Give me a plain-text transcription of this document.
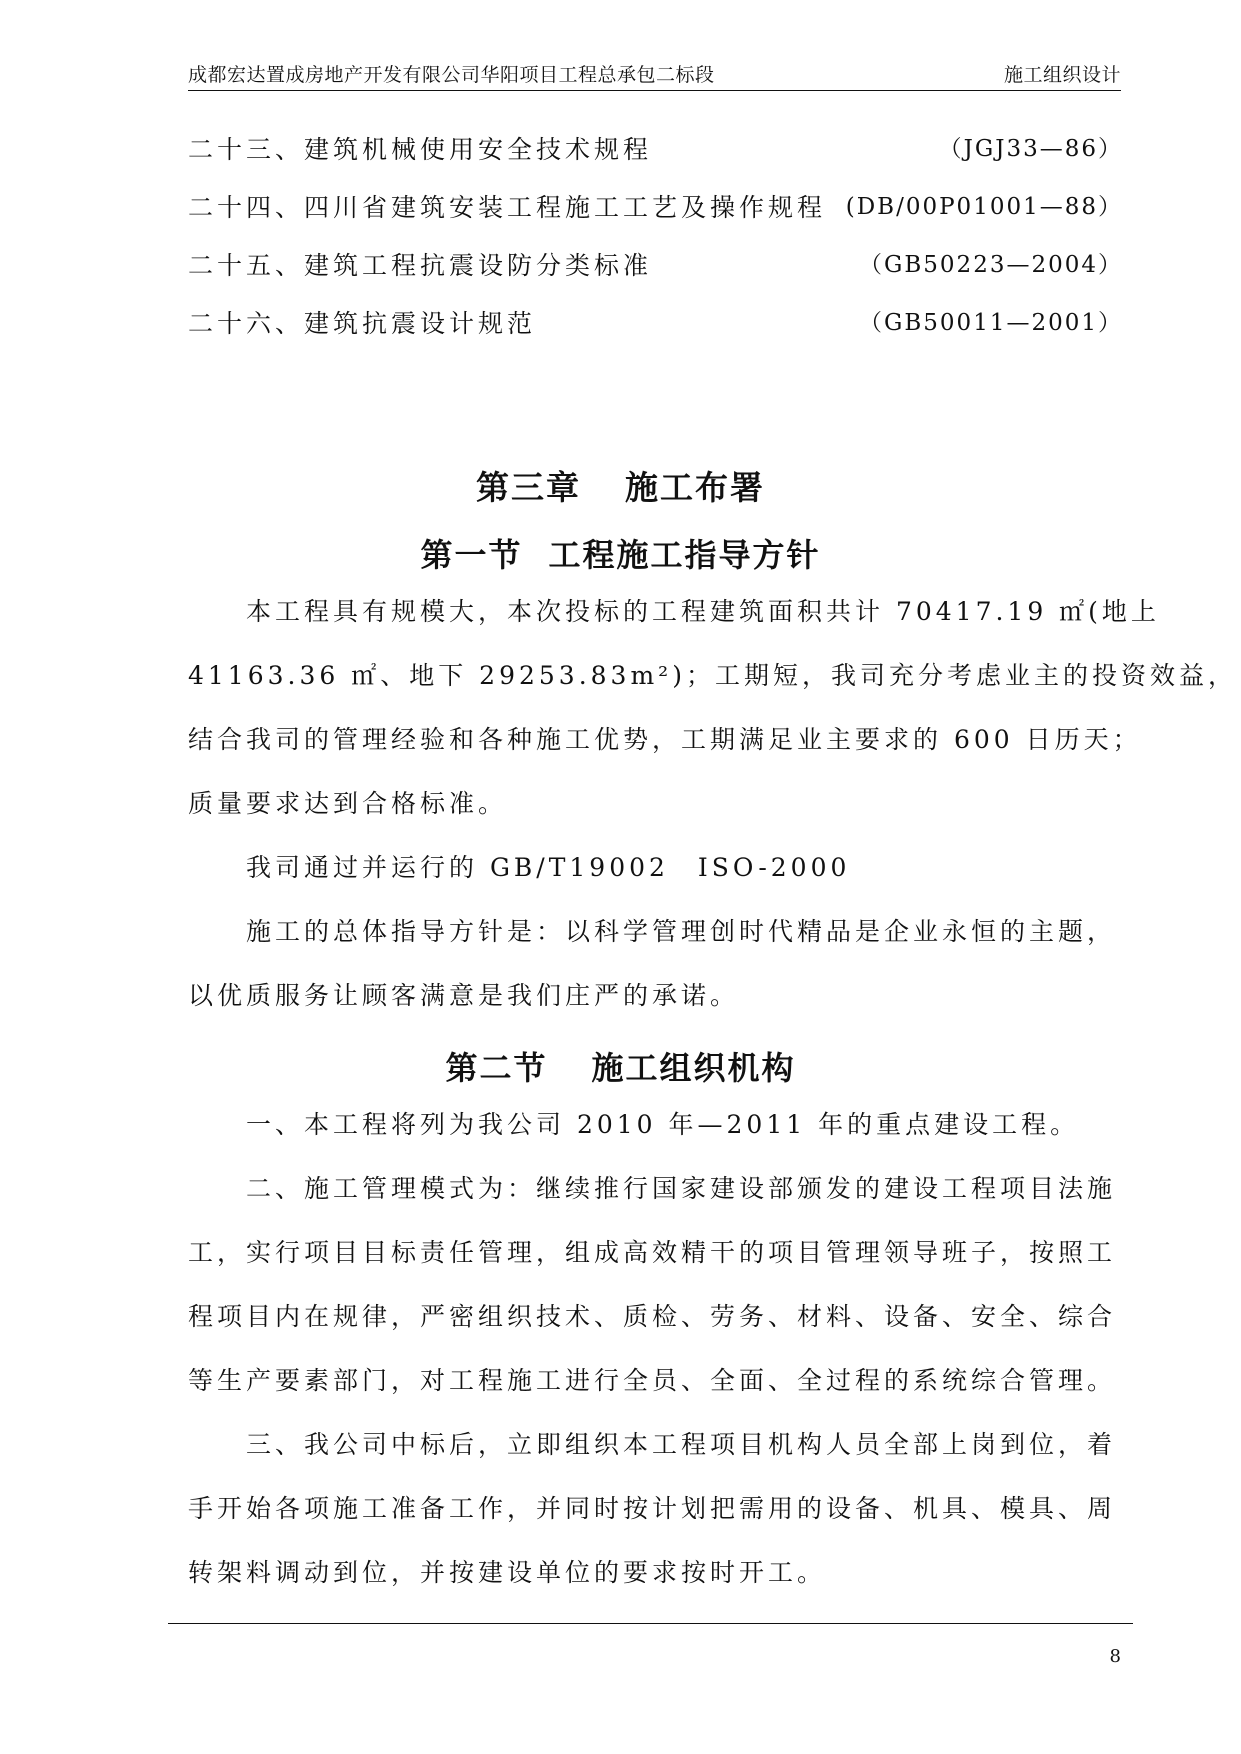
成都宏达置成房地产开发有限公司华阳项目工程总承包二标段	施工组织设计
二十三、建筑机械使用安全技术规程	（JGJ33—86）
二十四、四川省建筑安装工程施工工艺及操作规程 (DB/00P01001—88）
二十五、建筑工程抗震设防分类标准	（GB50223—2004）
二十六、建筑抗震设计规范	（GB50011—2001）
第三章 施工布署
第一节 工程施工指导方针
本工程具有规模大，本次投标的工程建筑面积共计 70417.19 ㎡(地上
41163.36 ㎡、地下 29253.83m²)；工期短，我司充分考虑业主的投资效益，
结合我司的管理经验和各种施工优势，工期满足业主要求的 600 日历天；
质量要求达到合格标准。
我司通过并运行的 GB/T19002　ISO-2000
施工的总体指导方针是：以科学管理创时代精品是企业永恒的主题，
以优质服务让顾客满意是我们庄严的承诺。
第二节 施工组织机构
一、本工程将列为我公司 2010 年—2011 年的重点建设工程。
二、施工管理模式为：继续推行国家建设部颁发的建设工程项目法施
工，实行项目目标责任管理，组成高效精干的项目管理领导班子，按照工
程项目内在规律，严密组织技术、质检、劳务、材料、设备、安全、综合
等生产要素部门，对工程施工进行全员、全面、全过程的系统综合管理。
三、我公司中标后，立即组织本工程项目机构人员全部上岗到位，着
手开始各项施工准备工作，并同时按计划把需用的设备、机具、模具、周
转架料调动到位，并按建设单位的要求按时开工。
8
